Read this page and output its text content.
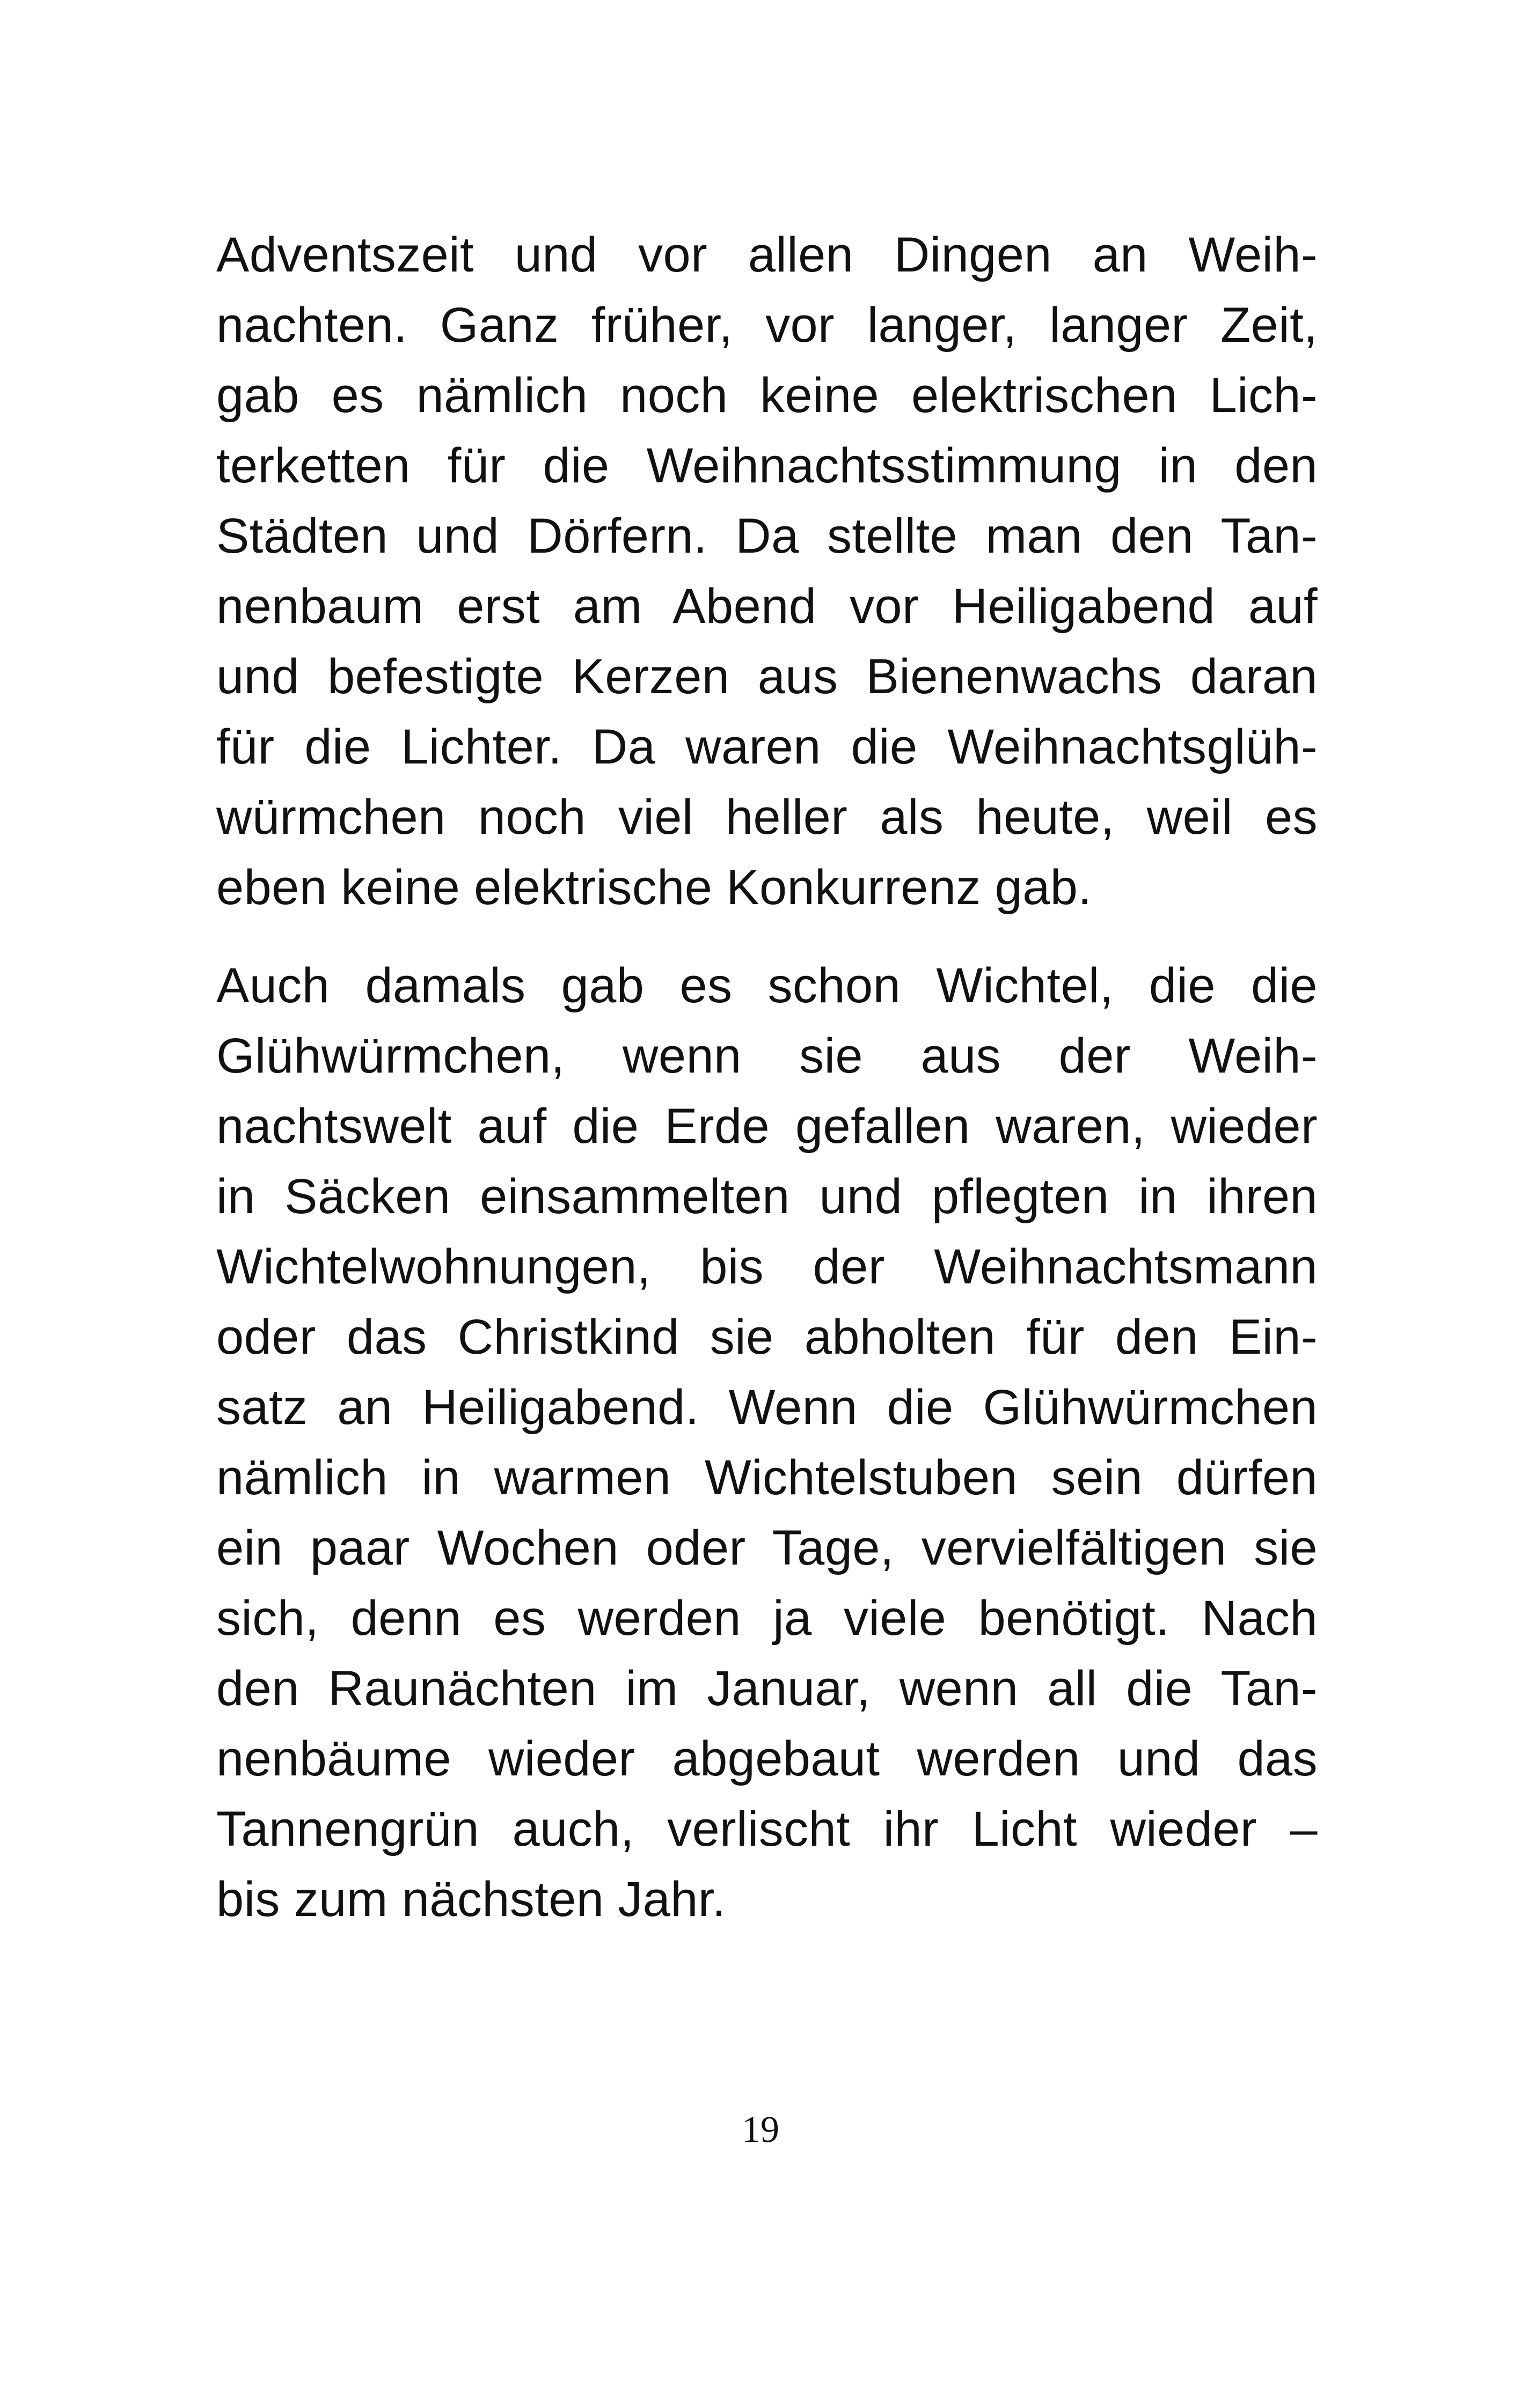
Adventszeit und vor allen Dingen an Weih-
nachten. Ganz früher, vor langer, langer Zeit,
gab es nämlich noch keine elektrischen Lich-
terketten für die Weihnachtsstimmung in den
Städten und Dörfern. Da stellte man den Tan-
nenbaum erst am Abend vor Heiligabend auf
und befestigte Kerzen aus Bienenwachs daran
für die Lichter. Da waren die Weihnachtsglüh-
würmchen noch viel heller als heute, weil es
eben keine elektrische Konkurrenz gab.

Auch damals gab es schon Wichtel, die die
Glühwürmchen, wenn sie aus der Weih-
nachtswelt auf die Erde gefallen waren, wieder
in Säcken einsammelten und pflegten in ihren
Wichtelwohnungen, bis der Weihnachtsmann
oder das Christkind sie abholten für den Ein-
satz an Heiligabend. Wenn die Glühwürmchen
nämlich in warmen Wichtelstuben sein dürfen
ein paar Wochen oder Tage, vervielfältigen sie
sich, denn es werden ja viele benötigt. Nach
den Raunächten im Januar, wenn all die Tan-
nenbäume wieder abgebaut werden und das
Tannengrün auch, verlischt ihr Licht wieder –
bis zum nächsten Jahr.

19
